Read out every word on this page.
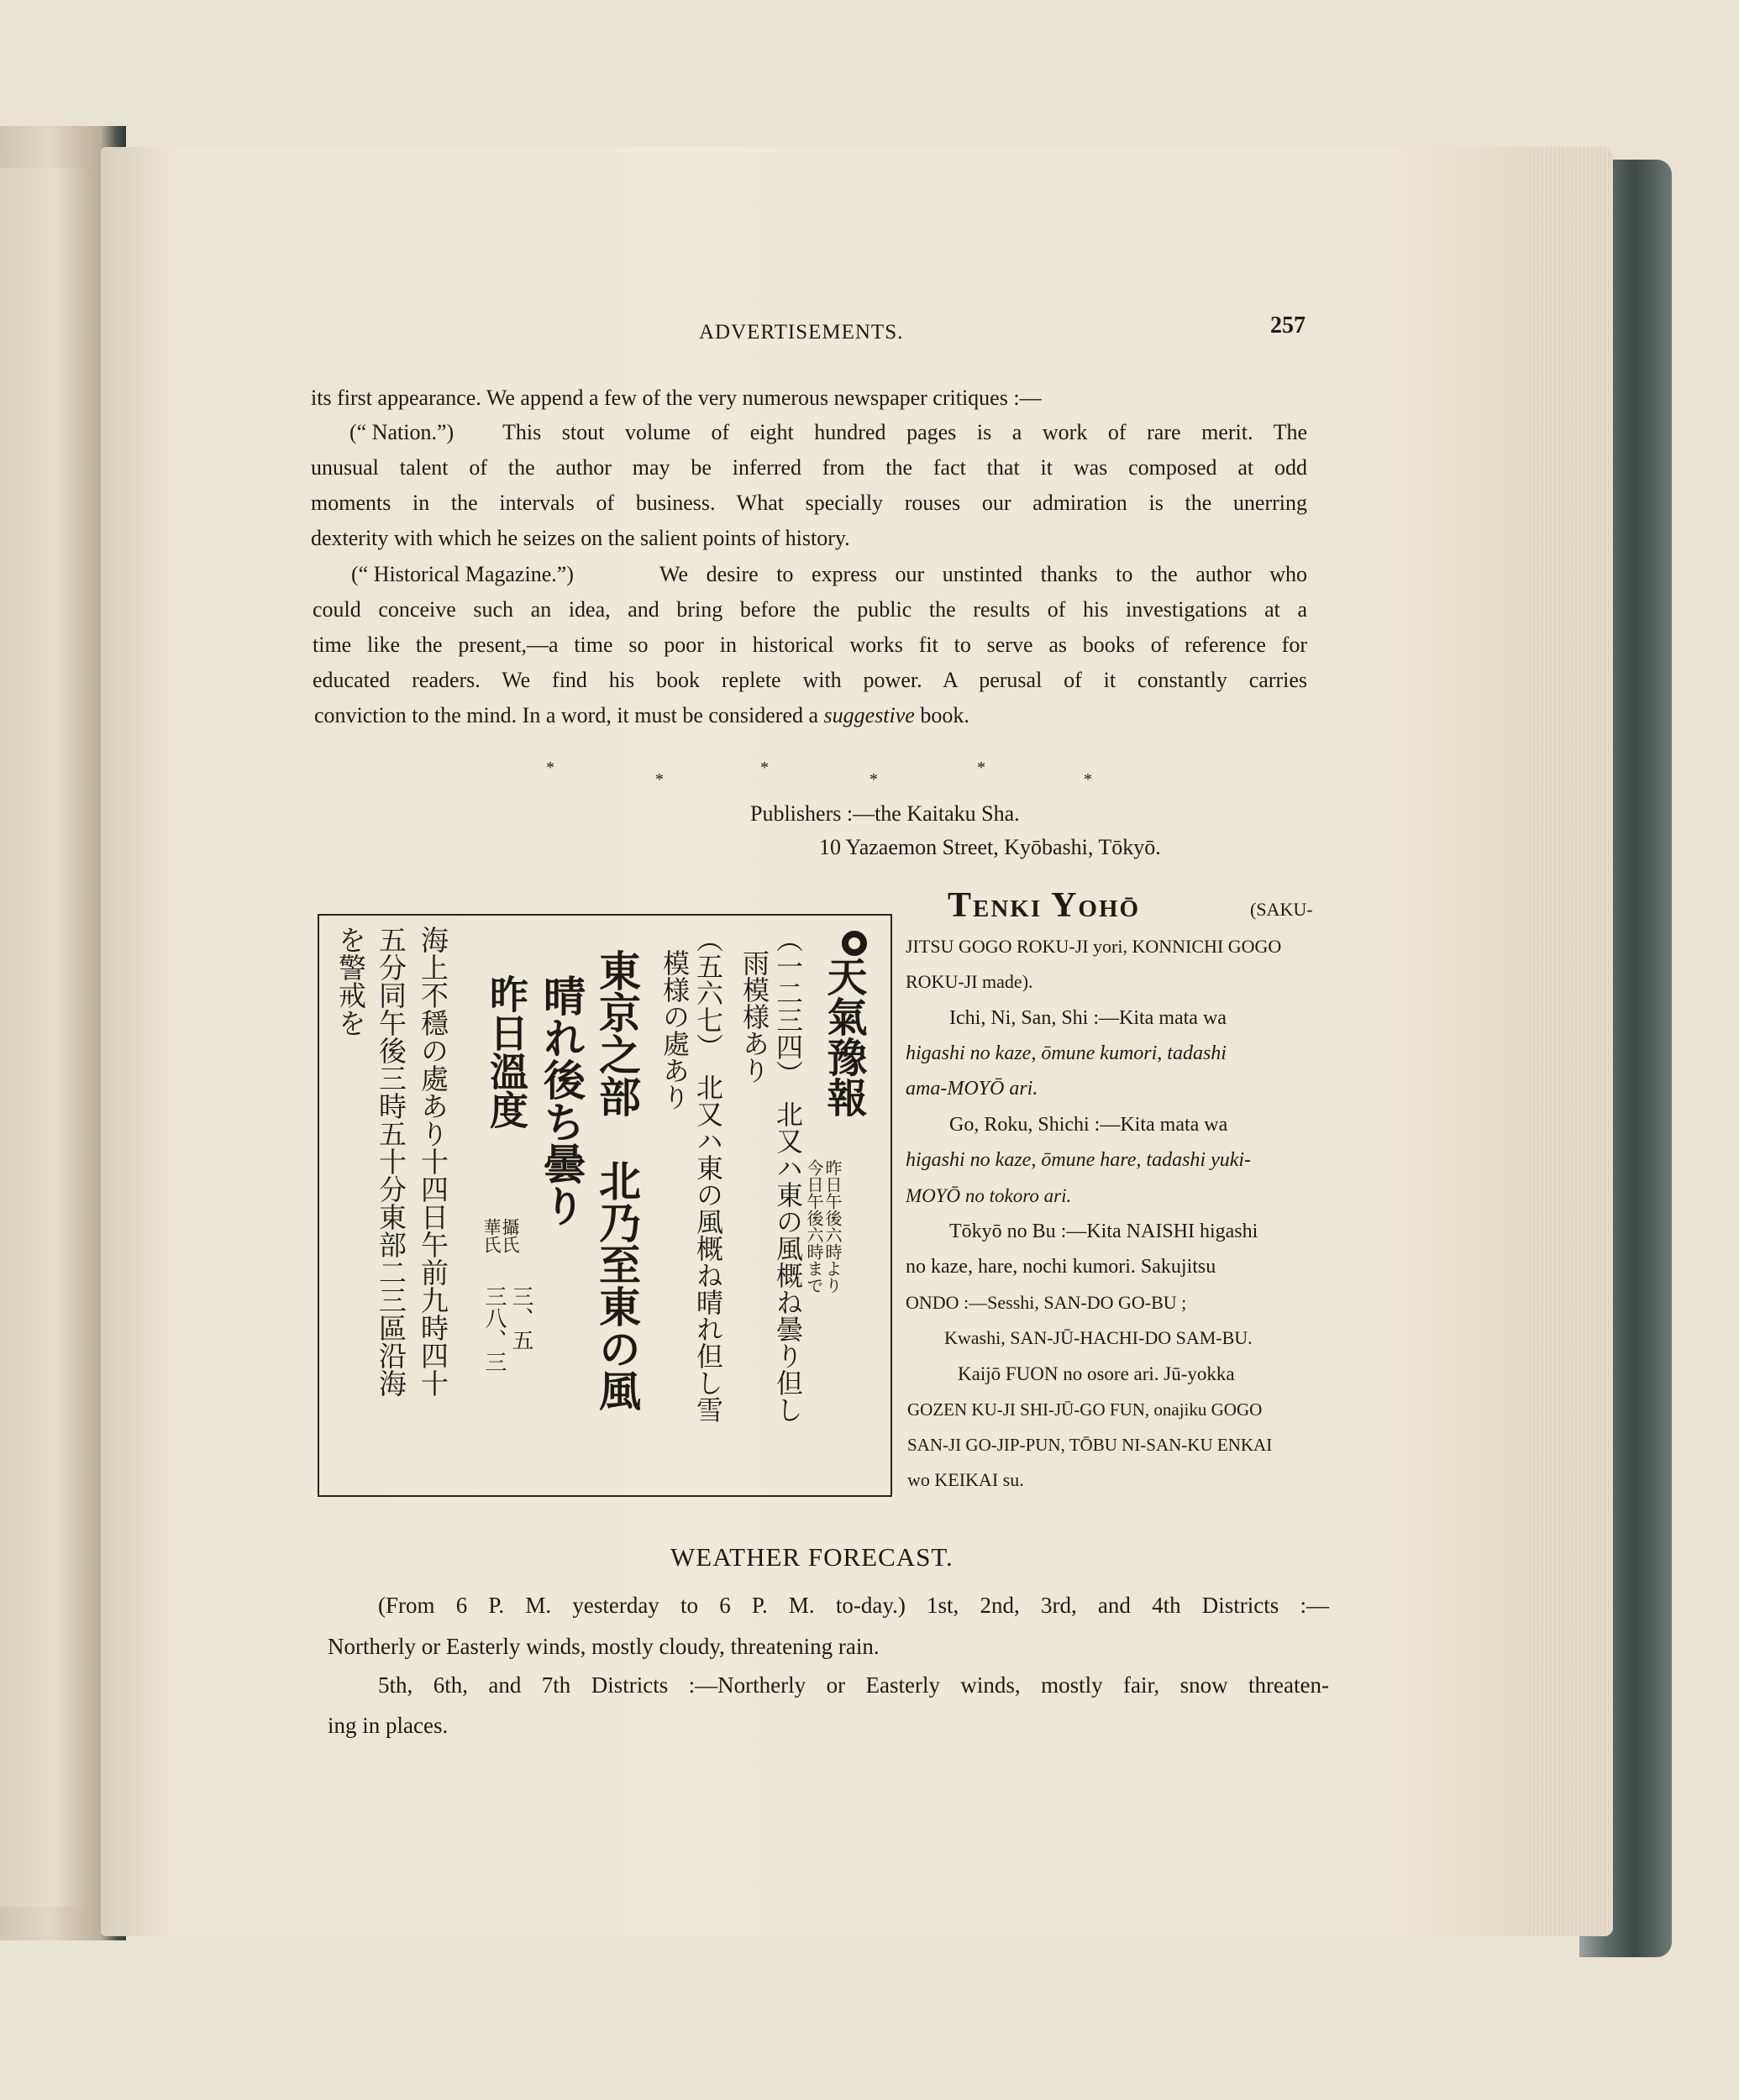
ADVERTISEMENTS.	257
its first appearance. We append a few of the very numerous newspaper critiques :—
(“ Nation.”) This stout volume of eight hundred pages is a work of rare merit. The
unusual talent of the author may be inferred from the fact that it was composed at odd
moments in the intervals of business. What specially rouses our admiration is the unerring
dexterity with which he seizes on the salient points of history.
(“ Historical Magazine.”)	We desire to express our unstinted thanks to the author who
could conceive such an idea, and bring before the public the results of his investigations at a
time like the present,—a time so poor in historical works fit to serve as books of reference for
educated readers. We find his book replete with power. A perusal of it constantly carries
conviction to the mind. In a word, it must be considered a suggestive book.
*
*
*
*
*
*
Publishers :—the Kaitaku Sha.
10 Yazaemon Street, Kyōbashi, Tōkyō.
天氣豫報
昨日午後六時より
今日午後六時まで
（一二三四）　北又ハ東の風概ね曇り但し
雨模様あり
（五六七）　北又ハ東の風概ね晴れ但し雪
模様の處あり
東京之部　北乃至東の風
晴れ後ち曇り
昨日溫度
攝氏
華氏
三、五
三八、三
海上不穩の處あり十四日午前九時四十
五分同午後三時五十分東部二三區沿海
を警戒を
Tenki Yohō	(SAKU-
JITSU GOGO ROKU-JI yori, KONNICHI GOGO
ROKU-JI made).
Ichi, Ni, San, Shi :—Kita mata wa
higashi no kaze, ōmune kumori, tadashi
ama-MOYŌ ari.
Go, Roku, Shichi :—Kita mata wa
higashi no kaze, ōmune hare, tadashi yuki-
MOYŌ no tokoro ari.
Tōkyō no Bu :—Kita NAISHI higashi
no kaze, hare, nochi kumori. Sakujitsu
ONDO :—Sesshi, SAN-DO GO-BU ;
Kwashi, SAN-JŪ-HACHI-DO SAM-BU.
Kaijō FUON no osore ari. Jū-yokka
GOZEN KU-JI SHI-JŪ-GO FUN, onajiku GOGO
SAN-JI GO-JIP-PUN, TŌBU NI-SAN-KU ENKAI
wo KEIKAI su.
WEATHER FORECAST.
(From 6 P. M. yesterday to 6 P. M. to-day.) 1st, 2nd, 3rd, and 4th Districts :—
Northerly or Easterly winds, mostly cloudy, threatening rain.
5th, 6th, and 7th Districts :—Northerly or Easterly winds, mostly fair, snow threaten-
ing in places.
